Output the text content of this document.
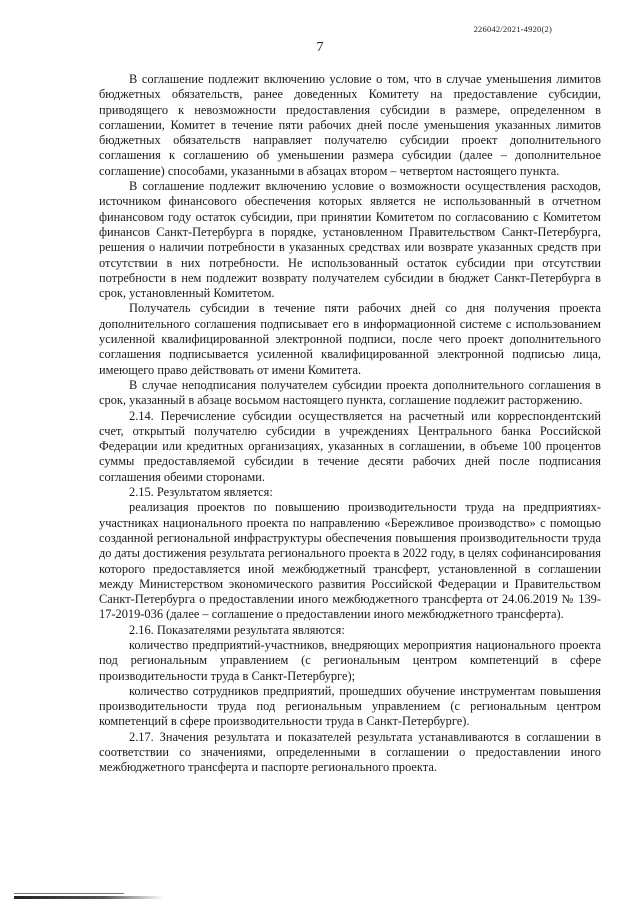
226042/2021-4920(2)
7

В соглашение подлежит включению условие о том, что в случае уменьшения лимитов бюджетных обязательств, ранее доведенных Комитету на предоставление субсидии, приводящего к невозможности предоставления субсидии в размере, определенном в соглашении, Комитет в течение пяти рабочих дней после уменьшения указанных лимитов бюджетных обязательств направляет получателю субсидии проект дополнительного соглашения к соглашению об уменьшении размера субсидии (далее – дополнительное соглашение) способами, указанными в абзацах втором – четвертом настоящего пункта.

В соглашение подлежит включению условие о возможности осуществления расходов, источником финансового обеспечения которых является не использованный в отчетном финансовом году остаток субсидии, при принятии Комитетом по согласованию с Комитетом финансов Санкт-Петербурга в порядке, установленном Правительством Санкт-Петербурга, решения о наличии потребности в указанных средствах или возврате указанных средств при отсутствии в них потребности. Не использованный остаток субсидии при отсутствии потребности в нем подлежит возврату получателем субсидии в бюджет Санкт-Петербурга в срок, установленный Комитетом.

Получатель субсидии в течение пяти рабочих дней со дня получения проекта дополнительного соглашения подписывает его в информационной системе с использованием усиленной квалифицированной электронной подписи, после чего проект дополнительного соглашения подписывается усиленной квалифицированной электронной подписью лица, имеющего право действовать от имени Комитета.

В случае неподписания получателем субсидии проекта дополнительного соглашения в срок, указанный в абзаце восьмом настоящего пункта, соглашение подлежит расторжению.

2.14. Перечисление субсидии осуществляется на расчетный или корреспондентский счет, открытый получателю субсидии в учреждениях Центрального банка Российской Федерации или кредитных организациях, указанных в соглашении, в объеме 100 процентов суммы предоставляемой субсидии в течение десяти рабочих дней после подписания соглашения обеими сторонами.

2.15. Результатом является:

реализация проектов по повышению производительности труда на предприятиях-участниках национального проекта по направлению «Бережливое производство» с помощью созданной региональной инфраструктуры обеспечения повышения производительности труда до даты достижения результата регионального проекта в 2022 году, в целях софинансирования которого предоставляется иной межбюджетный трансферт, установленной в соглашении между Министерством экономического развития Российской Федерации и Правительством Санкт-Петербурга о предоставлении иного межбюджетного трансферта от 24.06.2019 № 139-17-2019-036 (далее – соглашение о предоставлении иного межбюджетного трансферта).

2.16. Показателями результата являются:

количество предприятий-участников, внедряющих мероприятия национального проекта под региональным управлением (с региональным центром компетенций в сфере производительности труда в Санкт-Петербурге);

количество сотрудников предприятий, прошедших обучение инструментам повышения производительности труда под региональным управлением (с региональным центром компетенций в сфере производительности труда в Санкт-Петербурге).

2.17. Значения результата и показателей результата устанавливаются в соглашении в соответствии со значениями, определенными в соглашении о предоставлении иного межбюджетного трансферта и паспорте регионального проекта.
